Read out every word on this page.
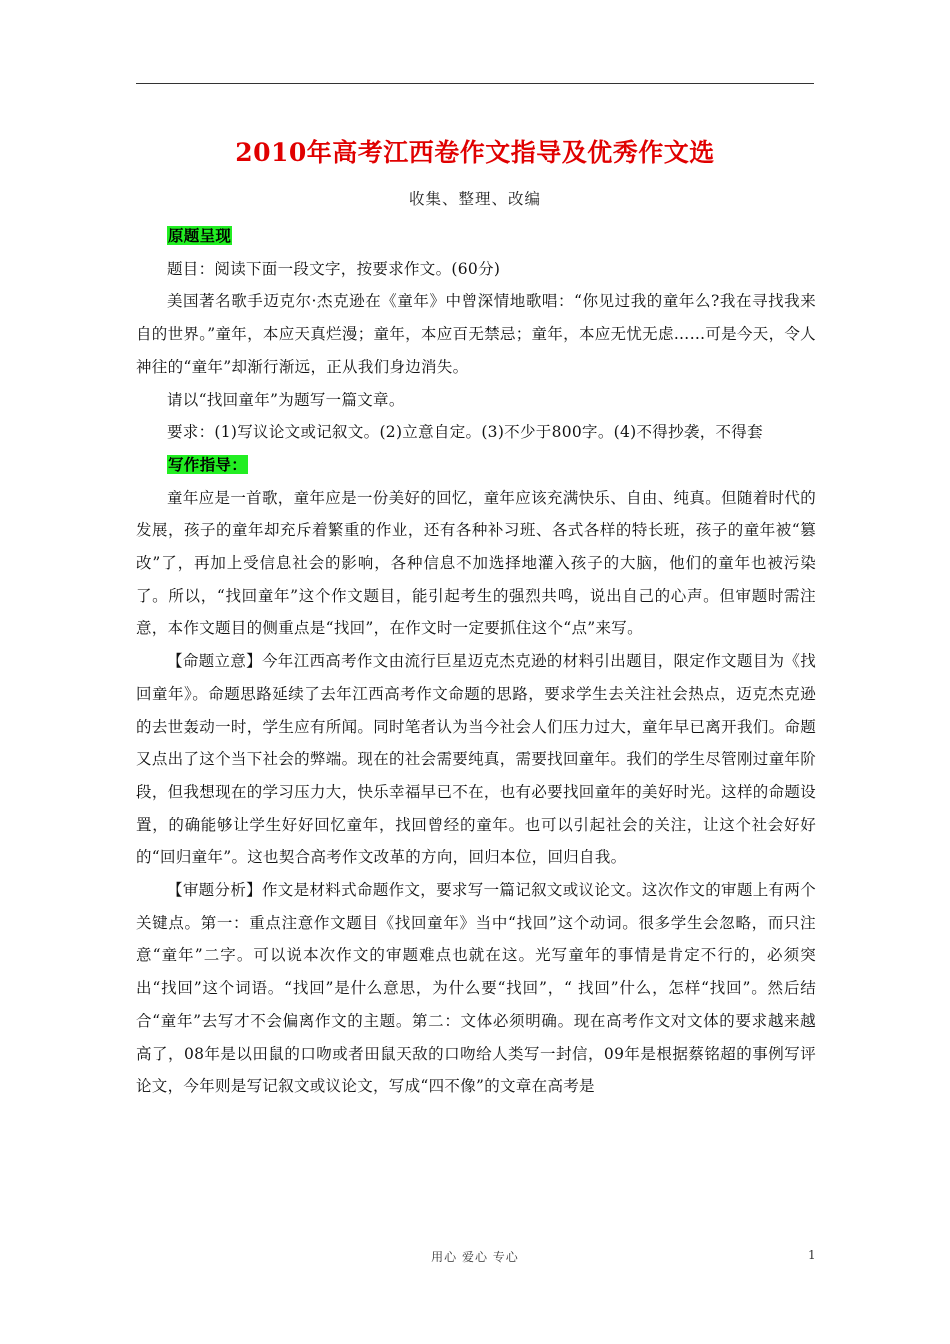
2010年高考江西卷作文指导及优秀作文选
收集、整理、改编

原题呈现

题目：阅读下面一段文字，按要求作文。(60分)

美国著名歌手迈克尔·杰克逊在《童年》中曾深情地歌唱：“你见过我的童年么?我在寻找我来自的世界。”童年，本应天真烂漫；童年，本应百无禁忌；童年，本应无忧无虑……可是今天，令人神往的“童年”却渐行渐远，正从我们身边消失。

请以“找回童年”为题写一篇文章。

要求：(1)写议论文或记叙文。(2)立意自定。(3)不少于800字。(4)不得抄袭，不得套

写作指导：

童年应是一首歌，童年应是一份美好的回忆，童年应该充满快乐、自由、纯真。但随着时代的发展，孩子的童年却充斥着繁重的作业，还有各种补习班、各式各样的特长班，孩子的童年被“篡改”了，再加上受信息社会的影响，各种信息不加选择地灌入孩子的大脑，他们的童年也被污染了。所以，“找回童年”这个作文题目，能引起考生的强烈共鸣，说出自己的心声。但审题时需注意，本作文题目的侧重点是“找回”，在作文时一定要抓住这个“点”来写。

【命题立意】今年江西高考作文由流行巨星迈克杰克逊的材料引出题目，限定作文题目为《找回童年》。命题思路延续了去年江西高考作文命题的思路，要求学生去关注社会热点，迈克杰克逊的去世轰动一时，学生应有所闻。同时笔者认为当今社会人们压力过大，童年早已离开我们。命题又点出了这个当下社会的弊端。现在的社会需要纯真，需要找回童年。我们的学生尽管刚过童年阶段，但我想现在的学习压力大，快乐幸福早已不在，也有必要找回童年的美好时光。这样的命题设置，的确能够让学生好好回忆童年，找回曾经的童年。也可以引起社会的关注，让这个社会好好的“回归童年”。这也契合高考作文改革的方向，回归本位，回归自我。

【审题分析】作文是材料式命题作文，要求写一篇记叙文或议论文。这次作文的审题上有两个关键点。第一：重点注意作文题目《找回童年》当中“找回”这个动词。很多学生会忽略，而只注意“童年”二字。可以说本次作文的审题难点也就在这。光写童年的事情是肯定不行的，必须突出“找回”这个词语。“找回”是什么意思，为什么要“找回”，“ 找回”什么，怎样“找回”。然后结合“童年”去写才不会偏离作文的主题。第二：文体必须明确。现在高考作文对文体的要求越来越高了，08年是以田鼠的口吻或者田鼠天敌的口吻给人类写一封信，09年是根据蔡铭超的事例写评论文，今年则是写记叙文或议论文，写成“四不像”的文章在高考是

用心 爱心 专心	1
